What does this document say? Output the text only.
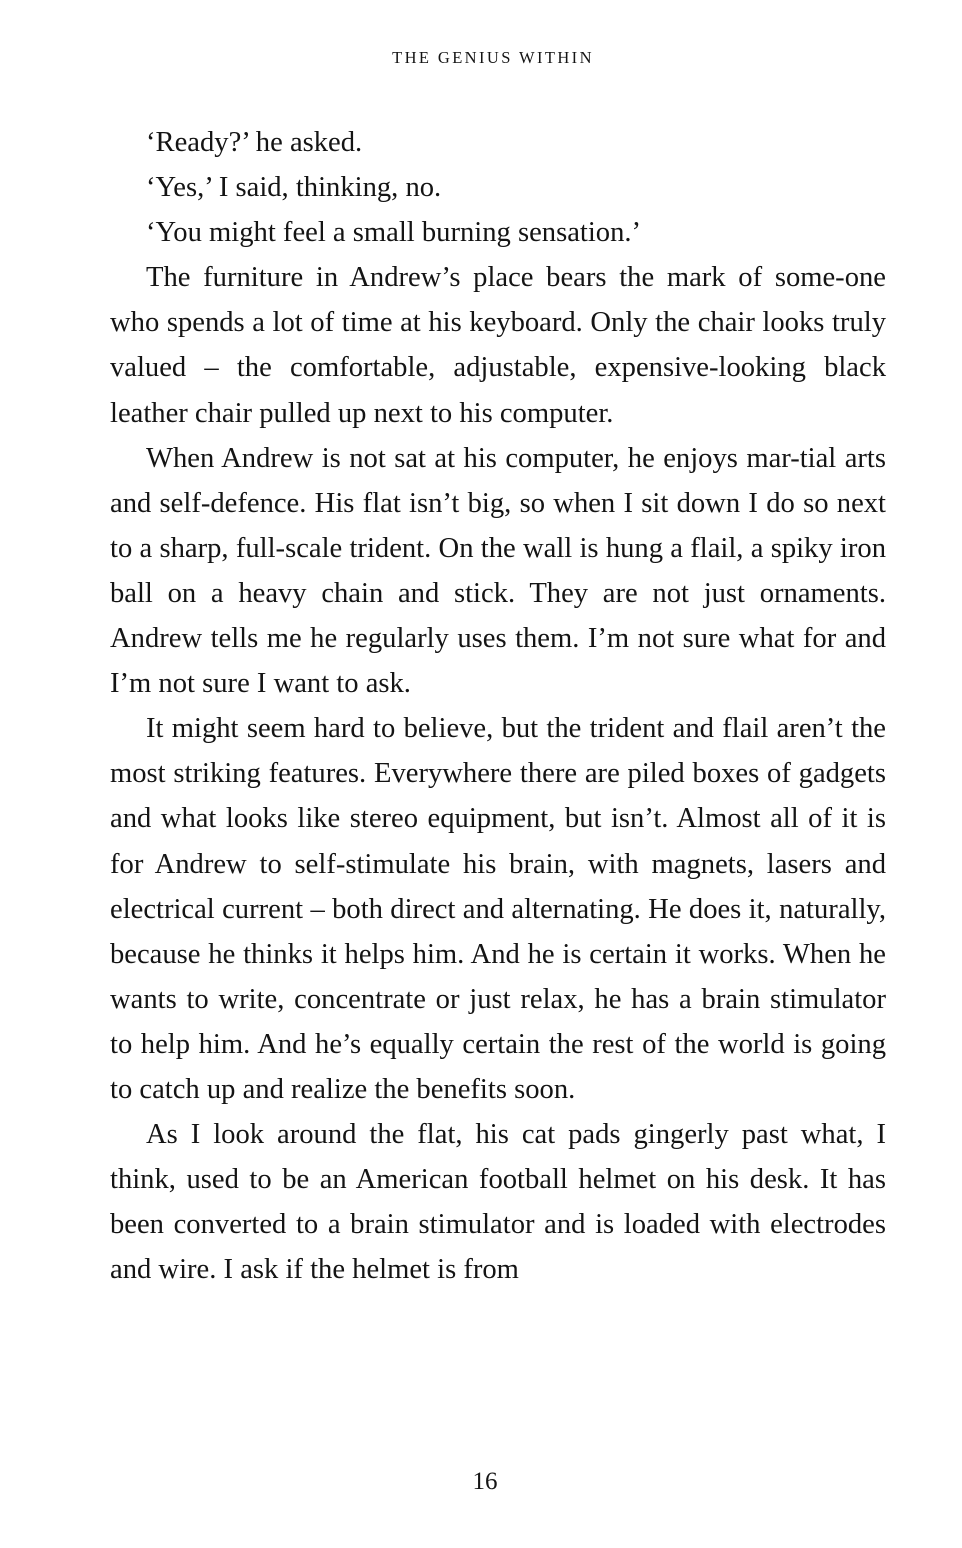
THE GENIUS WITHIN

‘Ready?’ he asked.

‘Yes,’ I said, thinking, no.

‘You might feel a small burning sensation.’

The furniture in Andrew’s place bears the mark of some-one who spends a lot of time at his keyboard. Only the chair looks truly valued – the comfortable, adjustable, expensive-looking black leather chair pulled up next to his computer.

When Andrew is not sat at his computer, he enjoys mar-tial arts and self-defence. His flat isn’t big, so when I sit down I do so next to a sharp, full-scale trident. On the wall is hung a flail, a spiky iron ball on a heavy chain and stick. They are not just ornaments. Andrew tells me he regularly uses them. I’m not sure what for and I’m not sure I want to ask.

It might seem hard to believe, but the trident and flail aren’t the most striking features. Everywhere there are piled boxes of gadgets and what looks like stereo equipment, but isn’t. Almost all of it is for Andrew to self-stimulate his brain, with magnets, lasers and electrical current – both direct and alternating. He does it, naturally, because he thinks it helps him. And he is certain it works. When he wants to write, concentrate or just relax, he has a brain stimulator to help him. And he’s equally certain the rest of the world is going to catch up and realize the benefits soon.

As I look around the flat, his cat pads gingerly past what, I think, used to be an American football helmet on his desk. It has been converted to a brain stimulator and is loaded with electrodes and wire. I ask if the helmet is from

16
